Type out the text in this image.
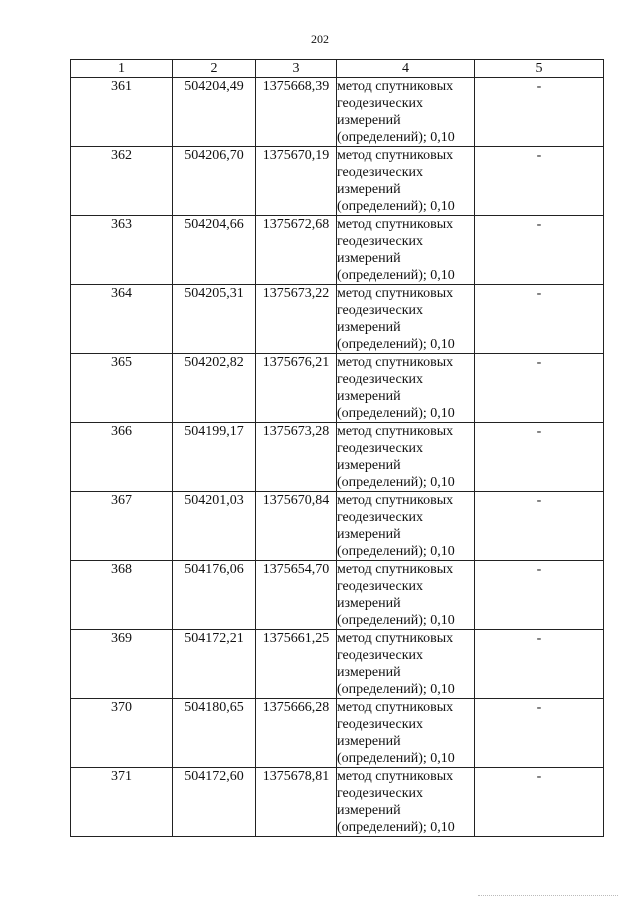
202
1	2	3	4	5
361	504204,49	1375668,39	метод спутниковых геодезических измерений (определений); 0,10	-
362	504206,70	1375670,19	метод спутниковых геодезических измерений (определений); 0,10	-
363	504204,66	1375672,68	метод спутниковых геодезических измерений (определений); 0,10	-
364	504205,31	1375673,22	метод спутниковых геодезических измерений (определений); 0,10	-
365	504202,82	1375676,21	метод спутниковых геодезических измерений (определений); 0,10	-
366	504199,17	1375673,28	метод спутниковых геодезических измерений (определений); 0,10	-
367	504201,03	1375670,84	метод спутниковых геодезических измерений (определений); 0,10	-
368	504176,06	1375654,70	метод спутниковых геодезических измерений (определений); 0,10	-
369	504172,21	1375661,25	метод спутниковых геодезических измерений (определений); 0,10	-
370	504180,65	1375666,28	метод спутниковых геодезических измерений (определений); 0,10	-
371	504172,60	1375678,81	метод спутниковых геодезических измерений (определений); 0,10	-
